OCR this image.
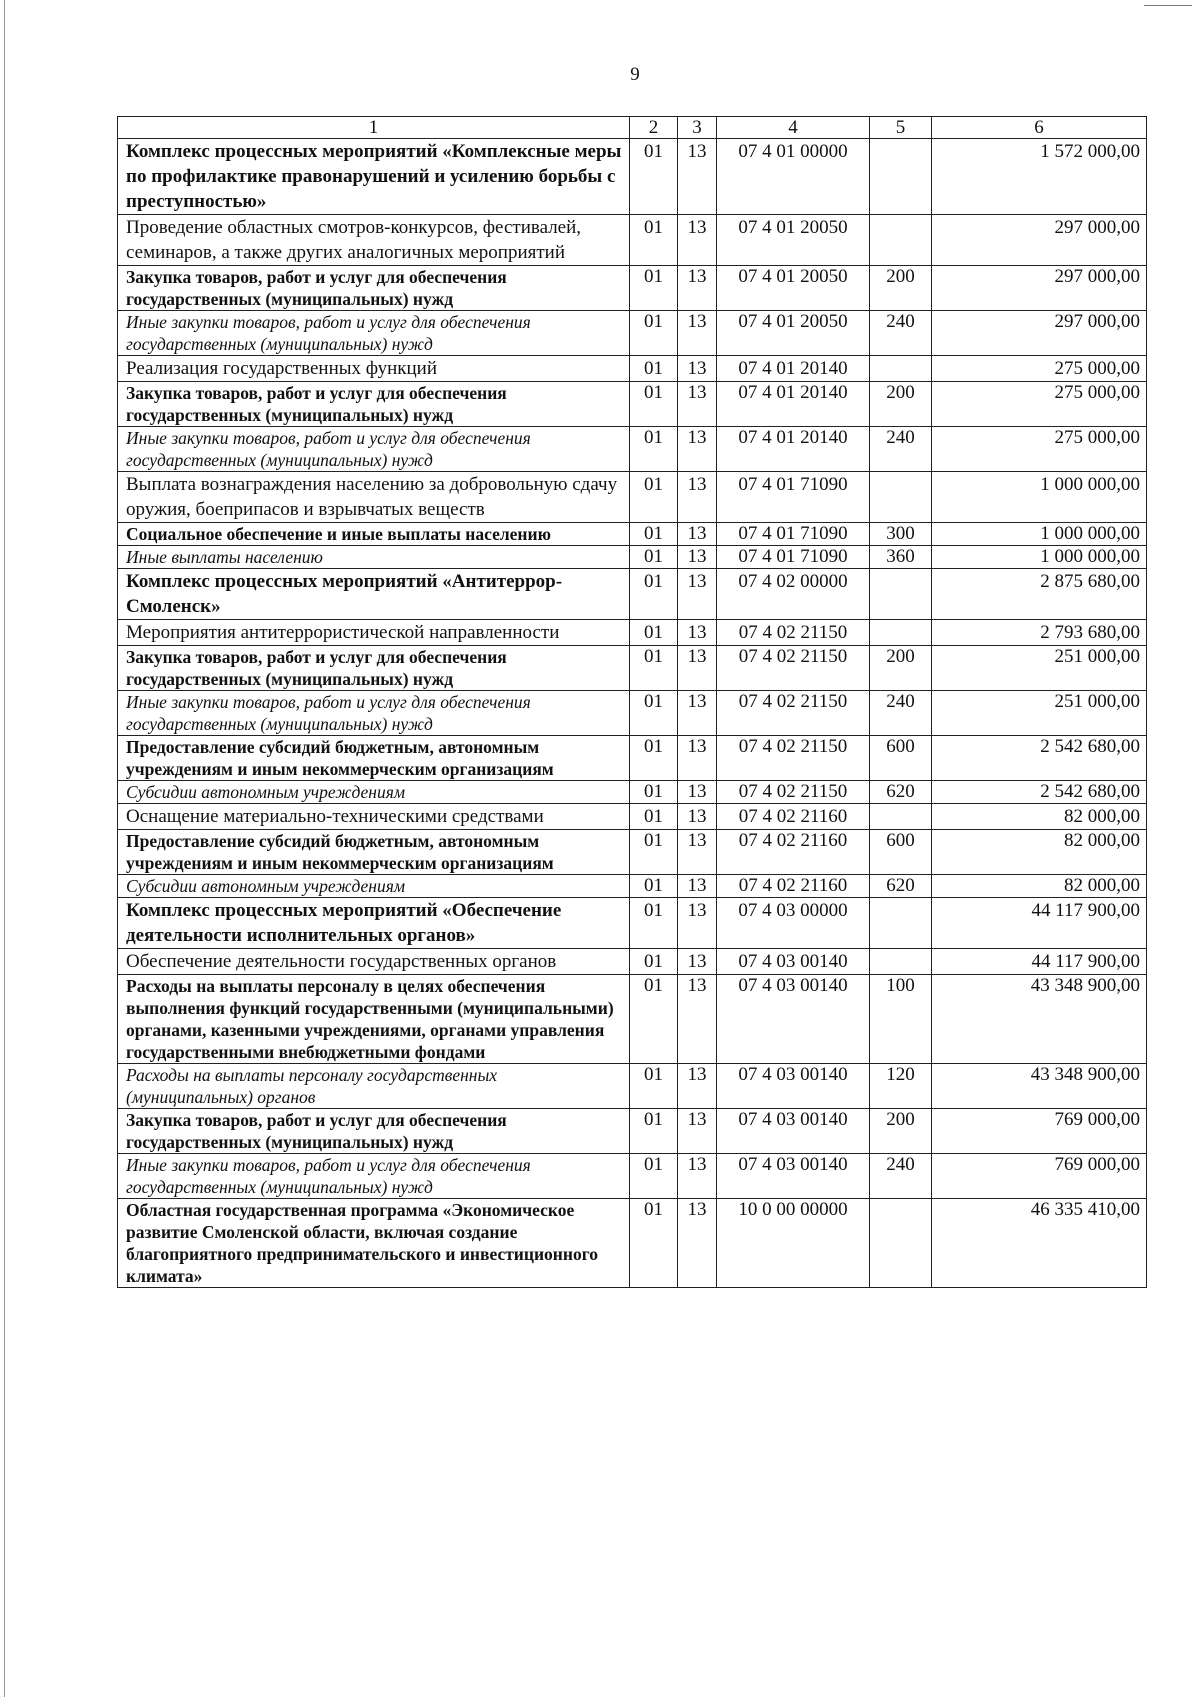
9
1	2	3	4	5	6
Комплекс процессных мероприятий «Комплексные меры по профилактике правонарушений и усилению борьбы с преступностью»	01	13	07 4 01 00000		1 572 000,00
Проведение областных смотров-конкурсов, фестивалей, семинаров, а также других аналогичных мероприятий	01	13	07 4 01 20050		297 000,00
Закупка товаров, работ и услуг для обеспечения государственных (муниципальных) нужд	01	13	07 4 01 20050	200	297 000,00
Иные закупки товаров, работ и услуг для обеспечения государственных (муниципальных) нужд	01	13	07 4 01 20050	240	297 000,00
Реализация государственных функций	01	13	07 4 01 20140		275 000,00
Закупка товаров, работ и услуг для обеспечения государственных (муниципальных) нужд	01	13	07 4 01 20140	200	275 000,00
Иные закупки товаров, работ и услуг для обеспечения государственных (муниципальных) нужд	01	13	07 4 01 20140	240	275 000,00
Выплата вознаграждения населению за добровольную сдачу оружия, боеприпасов и взрывчатых веществ	01	13	07 4 01 71090		1 000 000,00
Социальное обеспечение и иные выплаты населению	01	13	07 4 01 71090	300	1 000 000,00
Иные выплаты населению	01	13	07 4 01 71090	360	1 000 000,00
Комплекс процессных мероприятий «Антитеррор-Смоленск»	01	13	07 4 02 00000		2 875 680,00
Мероприятия антитеррористической направленности	01	13	07 4 02 21150		2 793 680,00
Закупка товаров, работ и услуг для обеспечения государственных (муниципальных) нужд	01	13	07 4 02 21150	200	251 000,00
Иные закупки товаров, работ и услуг для обеспечения государственных (муниципальных) нужд	01	13	07 4 02 21150	240	251 000,00
Предоставление субсидий бюджетным, автономным учреждениям и иным некоммерческим организациям	01	13	07 4 02 21150	600	2 542 680,00
Субсидии автономным учреждениям	01	13	07 4 02 21150	620	2 542 680,00
Оснащение материально-техническими средствами	01	13	07 4 02 21160		82 000,00
Предоставление субсидий бюджетным, автономным учреждениям и иным некоммерческим организациям	01	13	07 4 02 21160	600	82 000,00
Субсидии автономным учреждениям	01	13	07 4 02 21160	620	82 000,00
Комплекс процессных мероприятий «Обеспечение деятельности исполнительных органов»	01	13	07 4 03 00000		44 117 900,00
Обеспечение деятельности государственных органов	01	13	07 4 03 00140		44 117 900,00
Расходы на выплаты персоналу в целях обеспечения выполнения функций государственными (муниципальными) органами, казенными учреждениями, органами управления государственными внебюджетными фондами	01	13	07 4 03 00140	100	43 348 900,00
Расходы на выплаты персоналу государственных (муниципальных) органов	01	13	07 4 03 00140	120	43 348 900,00
Закупка товаров, работ и услуг для обеспечения государственных (муниципальных) нужд	01	13	07 4 03 00140	200	769 000,00
Иные закупки товаров, работ и услуг для обеспечения государственных (муниципальных) нужд	01	13	07 4 03 00140	240	769 000,00
Областная государственная программа «Экономическое развитие Смоленской области, включая создание благоприятного предпринимательского и инвестиционного климата»	01	13	10 0 00 00000		46 335 410,00
